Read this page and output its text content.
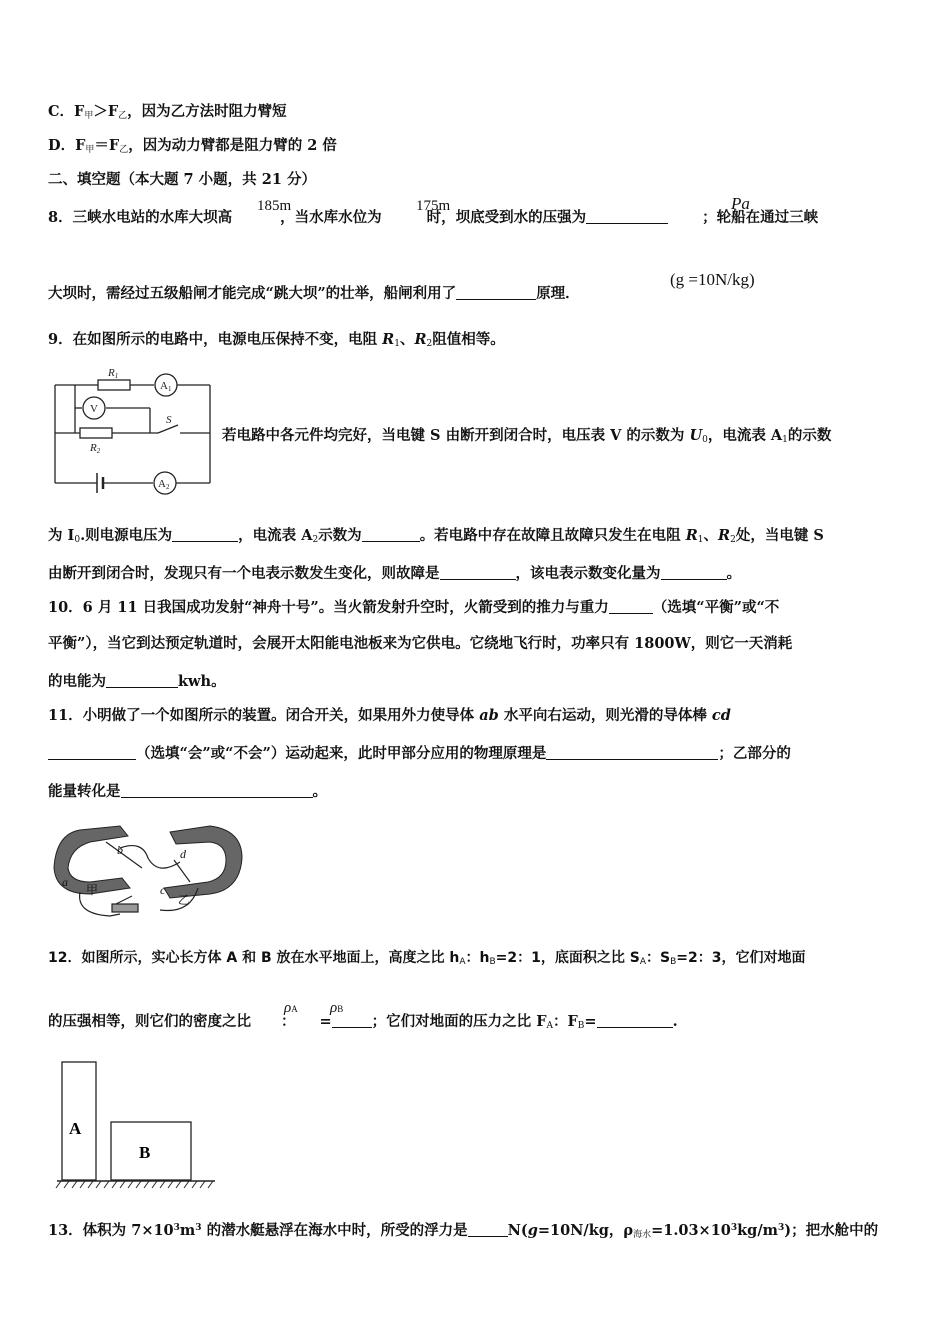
C．$F_甲>F_乙$，因为乙方法时阻力臂短
D．$F_甲=F_乙$，因为动力臂都是阻力臂的 2 倍
二、填空题（本大题 7 小题，共 21 分）
8．三峡水电站的水库大坝高	，当水库水位为	时，坝底受到水的压强为	；轮船在通过三峡
185m	175m	Pa
大坝时，需经过五级船闸才能完成“跳大坝”的壮举，船闸利用了	原理．
(g =10N/kg)
9．在如图所示的电路中，电源电压保持不变，电阻 $R_1$、$R_2$阻值相等。
R1
A1
V
S
R2
A2
若电路中各元件均完好，当电键 S 由断开到闭合时，电压表 V 的示数为 $U_0$，电流表 $A_1$的示数
为 $I_0$.则电源电压为	，电流表 $A_2$示数为	。若电路中存在故障且故障只发生在电阻 $R_1$、$R_2$处，当电键 S
由断开到闭合时，发现只有一个电表示数发生变化，则故障是	，该电表示数变化量为	。
10．6 月 11 日我国成功发射“神舟十号”。当火箭发射升空时，火箭受到的推力与重力	（选填“平衡”或“不
平衡”），当它到达预定轨道时，会展开太阳能电池板来为它供电。它绕地飞行时，功率只有 1800W，则它一天消耗
的电能为	kwh。
11．小明做了一个如图所示的装置。闭合开关，如果用外力使导体 ab 水平向右运动，则光滑的导体棒 cd
（选填“会”或“不会”）运动起来，此时甲部分应用的物理原理是	；乙部分的
能量转化是	。
a
b
c
d
甲
乙
12．如图所示，实心长方体 A 和 B 放在水平地面上，高度之比 $h_A$：$h_B=2$：1，底面积之比 $S_A$：$S_B=2$：3，它们对地面
的压强相等，则它们的密度之比 ： =	；它们对地面的压力之比 $F_A$：$F_B=$	.
ρA ρB
A
B
13．体积为 $7\times 10^3m^3$ 的潜水艇悬浮在海水中时，所受的浮力是	N(g=10N/kg，$\rho_{海水}=1.03\times 10^3kg/m^3$)；把水舱中的
